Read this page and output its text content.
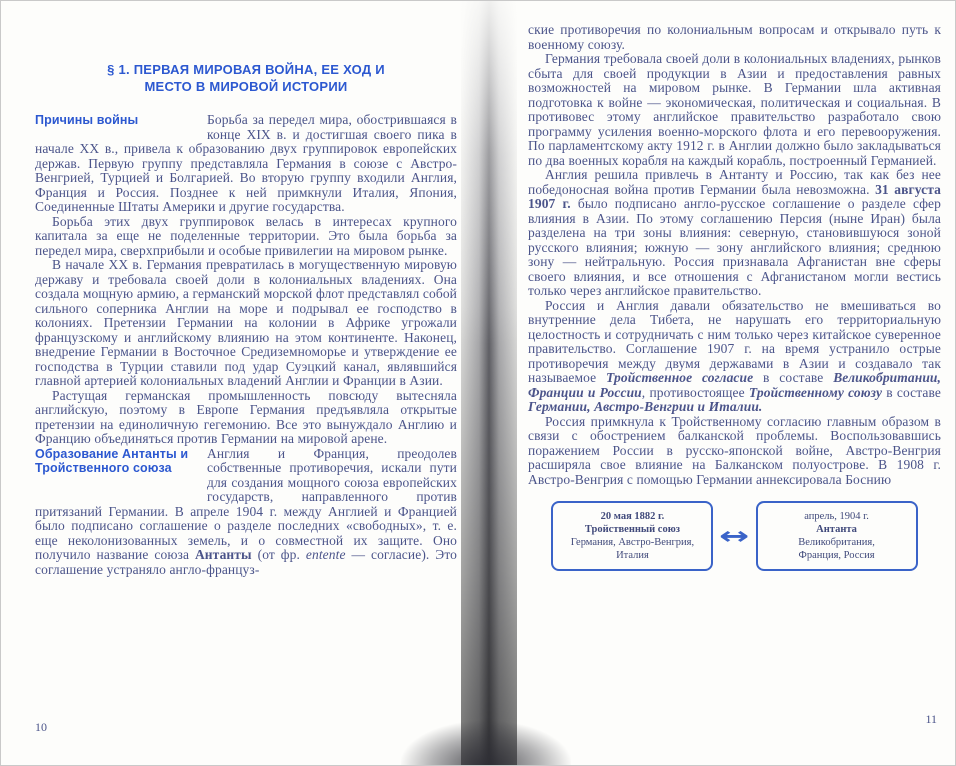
§ 1. ПЕРВАЯ МИРОВАЯ ВОЙНА, ЕЕ ХОД И
МЕСТО В МИРОВОЙ ИСТОРИИ

Причины войны	Борьба за передел мира, обострившаяся в конце XIX в. и достигшая своего пика в начале XX в., привела к образованию двух группировок европейских держав. Первую группу представляла Германия в союзе с Австро-Венгрией, Турцией и Болгарией. Во вторую группу входили Англия, Франция и Россия. Позднее к ней примкнули Италия, Япония, Соединенные Штаты Америки и другие государства.

Борьба этих двух группировок велась в интересах крупного капитала за еще не поделенные территории. Это была борьба за передел мира, сверхприбыли и особые привилегии на мировом рынке.

В начале XX в. Германия превратилась в могущественную мировую державу и требовала своей доли в колониальных владениях. Она создала мощную армию, а германский морской флот представлял собой сильного соперника Англии на море и подрывал ее господство в колониях. Претензии Германии на колонии в Африке угрожали французскому и английскому влиянию на этом континенте. Наконец, внедрение Германии в Восточное Средиземноморье и утверждение ее господства в Турции ставили под удар Суэцкий канал, являвшийся главной артерией колониальных владений Англии и Франции в Азии.

Растущая германская промышленность повсюду вытесняла английскую, поэтому в Европе Германия предъявляла открытые претензии на единоличную гегемонию. Все это вынуждало Англию и Францию объединяться против Германии на мировой арене.

Образование Антанты и Тройственного союза
Англия и Франция, преодолев собственные противоречия, искали пути для создания мощного союза европейских государств, направленного против притязаний Германии. В апреле 1904 г. между Англией и Францией было подписано соглашение о разделе последних «свободных», т. е. еще неколонизованных земель, и о совместной их защите. Оно получило название союза Антанты (от фр. entente — согласие). Это соглашение устраняло англо-француз-

10

ские противоречия по колониальным вопросам и открывало путь к военному союзу.

Германия требовала своей доли в колониальных владениях, рынков сбыта для своей продукции в Азии и предоставления равных возможностей на мировом рынке. В Германии шла активная подготовка к войне — экономическая, политическая и социальная. В противовес этому английское правительство разработало свою программу усиления военно-морского флота и его перевооружения. По парламентскому акту 1912 г. в Англии должно было закладываться по два военных корабля на каждый корабль, построенный Германией.

Англия решила привлечь в Антанту и Россию, так как без нее победоносная война против Германии была невозможна. 31 августа 1907 г. было подписано англо-русское соглашение о разделе сфер влияния в Азии. По этому соглашению Персия (ныне Иран) была разделена на три зоны влияния: северную, становившуюся зоной русского влияния; южную — зону английского влияния; среднюю зону — нейтральную. Россия признавала Афганистан вне сферы своего влияния, и все отношения с Афганистаном могли вестись только через английское правительство.

Россия и Англия давали обязательство не вмешиваться во внутренние дела Тибета, не нарушать его территориальную целостность и сотрудничать с ним только через китайское суверенное правительство. Соглашение 1907 г. на время устранило острые противоречия между двумя державами в Азии и создавало так называемое Тройственное согласие в составе Великобритании, Франции и России, противостоящее Тройственному союзу в составе Германии, Австро-Венгрии и Италии.

Россия примкнула к Тройственному согласию главным образом в связи с обострением балканской проблемы. Воспользовавшись поражением России в русско-японской войне, Австро-Венгрия расширяла свое влияние на Балканском полуострове. В 1908 г. Австро-Венгрия с помощью Германии аннексировала Боснию

20 мая 1882 г.
Тройственный союз
Германия, Австро-Венгрия,
Италия
↔
апрель, 1904 г.
Антанта
Великобритания,
Франция, Россия
11
